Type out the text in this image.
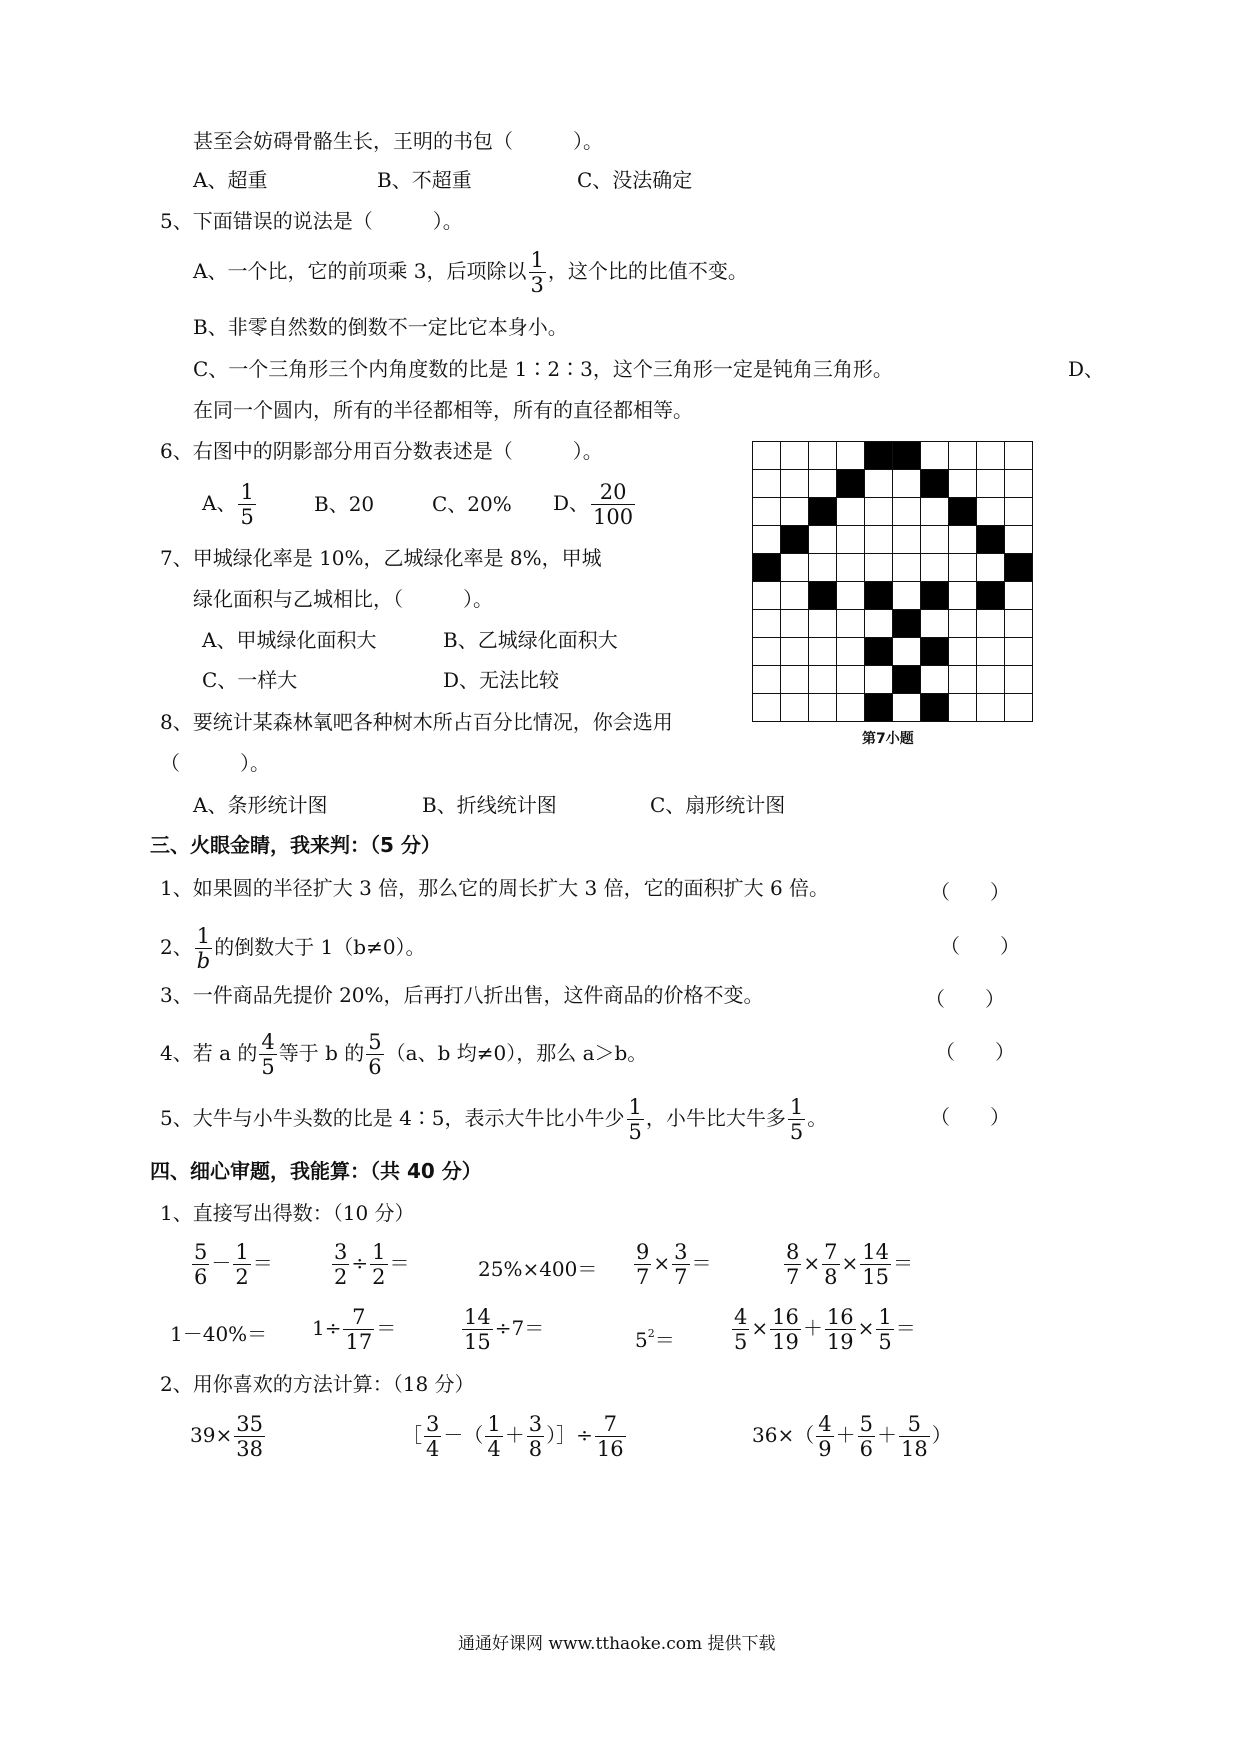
甚至会妨碍骨骼生长，王明的书包（　　　）。
A、超重	B、不超重	C、没法确定
5、下面错误的说法是（　　　）。
A、一个比，它的前项乘 3，后项除以 $\frac{1}{3}$ ，这个比的比值不变。
B、非零自然数的倒数不一定比它本身小。
C、一个三角形三个内角度数的比是 1∶2∶3，这个三角形一定是钝角三角形。	D、
在同一个圆内，所有的半径都相等，所有的直径都相等。
6、右图中的阴影部分用百分数表述是（　　　）。
A、 $\frac{1}{5}$	B、20	C、20% D、 $\frac{20}{100}$
7、甲城绿化率是 10%，乙城绿化率是 8%，甲城
绿化面积与乙城相比，（　　　）。
A、甲城绿化面积大	B、乙城绿化面积大
C、一样大	D、无法比较
8、要统计某森林氧吧各种树木所占百分比情况，你会选用
（　　　）。
A、条形统计图	B、折线统计图	C、扇形统计图
第7小题
三、火眼金睛，我来判：（5 分）
1、如果圆的半径扩大 3 倍，那么它的周长扩大 3 倍，它的面积扩大 6 倍。	（　　）
2、 $\frac{1}{b}$ 的倒数大于 1（b≠0）。	（　　）
3、一件商品先提价 20%，后再打八折出售，这件商品的价格不变。	（　　）
4、若 a 的 $\frac{4}{5}$ 等于 b 的 $\frac{5}{6} (a$、b 均≠0），那么 a＞b。	（　　）
5、大牛与小牛头数的比是 4∶5，表示大牛比小牛少 $\frac{1}{5}$ ，小牛比大牛多 $\frac{1}{5}$ 。	（　　）
四、细心审题，我能算：（共 40 分）
1、直接写出得数：（10 分）
$\frac{5}{6} - \frac{1}{2}$ ＝	$\frac{3}{2} \div \frac{1}{2}$ ＝	$25\%\times 400= \frac{9}{7} \times \frac{3}{7}$ ＝	$\frac{8}{7} \times \frac{7}{8} \times \frac{14}{15}$ ＝
$1-40\%= 1\div \frac{7}{17}$ ＝	$\frac{14}{15} \div 7=$	$5^2=$	$\frac{4}{5} \times \frac{16}{19} + \frac{16}{19} \times \frac{1}{5}$ ＝
2、用你喜欢的方法计算：（18 分）
$39\times \frac{35}{38}$	［ $\frac{3}{4}$ －（ $\frac{1}{4} + \frac{3}{8}$ ）］÷ $\frac{7}{16}$	$36\times( \frac{4}{9} + \frac{5}{6} + \frac{5}{18}$ ）
通通好课网 www.tthaoke.com 提供下载
